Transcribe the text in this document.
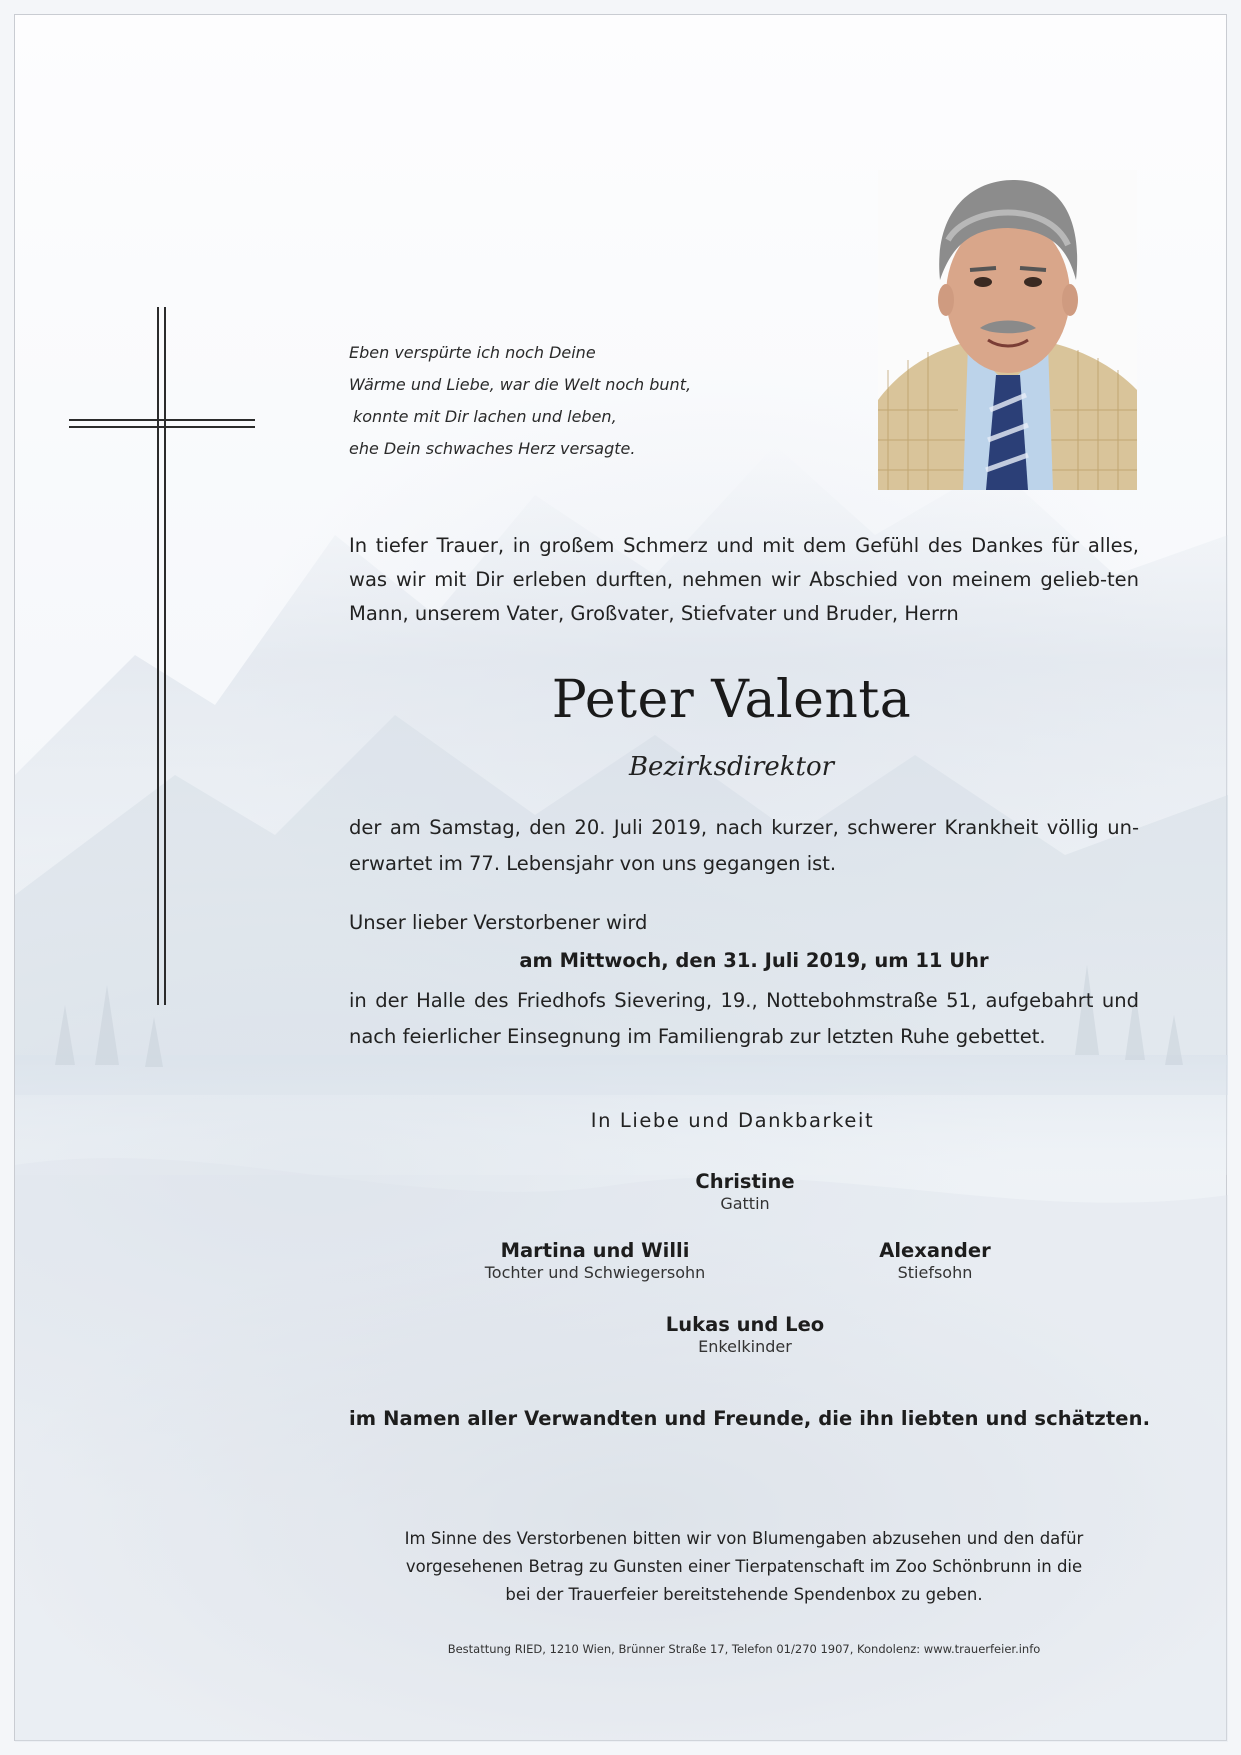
Eben verspürte ich noch Deine
Wärme und Liebe, war die Welt noch bunt,
konnte mit Dir lachen und leben,
ehe Dein schwaches Herz versagte.

In tiefer Trauer, in großem Schmerz und mit dem Gefühl des Dankes für alles, was wir mit Dir erleben durften, nehmen wir Abschied von meinem gelieb-ten Mann, unserem Vater, Großvater, Stiefvater und Bruder, Herrn

Peter Valenta
Bezirksdirektor

der am Samstag, den 20. Juli 2019, nach kurzer, schwerer Krankheit völlig un-erwartet im 77. Lebensjahr von uns gegangen ist.

Unser lieber Verstorbener wird
am Mittwoch, den 31. Juli 2019, um 11 Uhr

in der Halle des Friedhofs Sievering, 19., Nottebohmstraße 51, aufgebahrt und nach feierlicher Einsegnung im Familiengrab zur letzten Ruhe gebettet.

In Liebe und Dankbarkeit
Christine
Gattin
Martina und Willi
Tochter und Schwiegersohn
Alexander
Stiefsohn
Lukas und Leo
Enkelkinder
im Namen aller Verwandten und Freunde, die ihn liebten und schätzten.
Im Sinne des Verstorbenen bitten wir von Blumengaben abzusehen und den dafür
vorgesehenen Betrag zu Gunsten einer Tierpatenschaft im Zoo Schönbrunn in die
bei der Trauerfeier bereitstehende Spendenbox zu geben.
Bestattung RIED, 1210 Wien, Brünner Straße 17, Telefon 01/270 1907, Kondolenz: www.trauerfeier.info
